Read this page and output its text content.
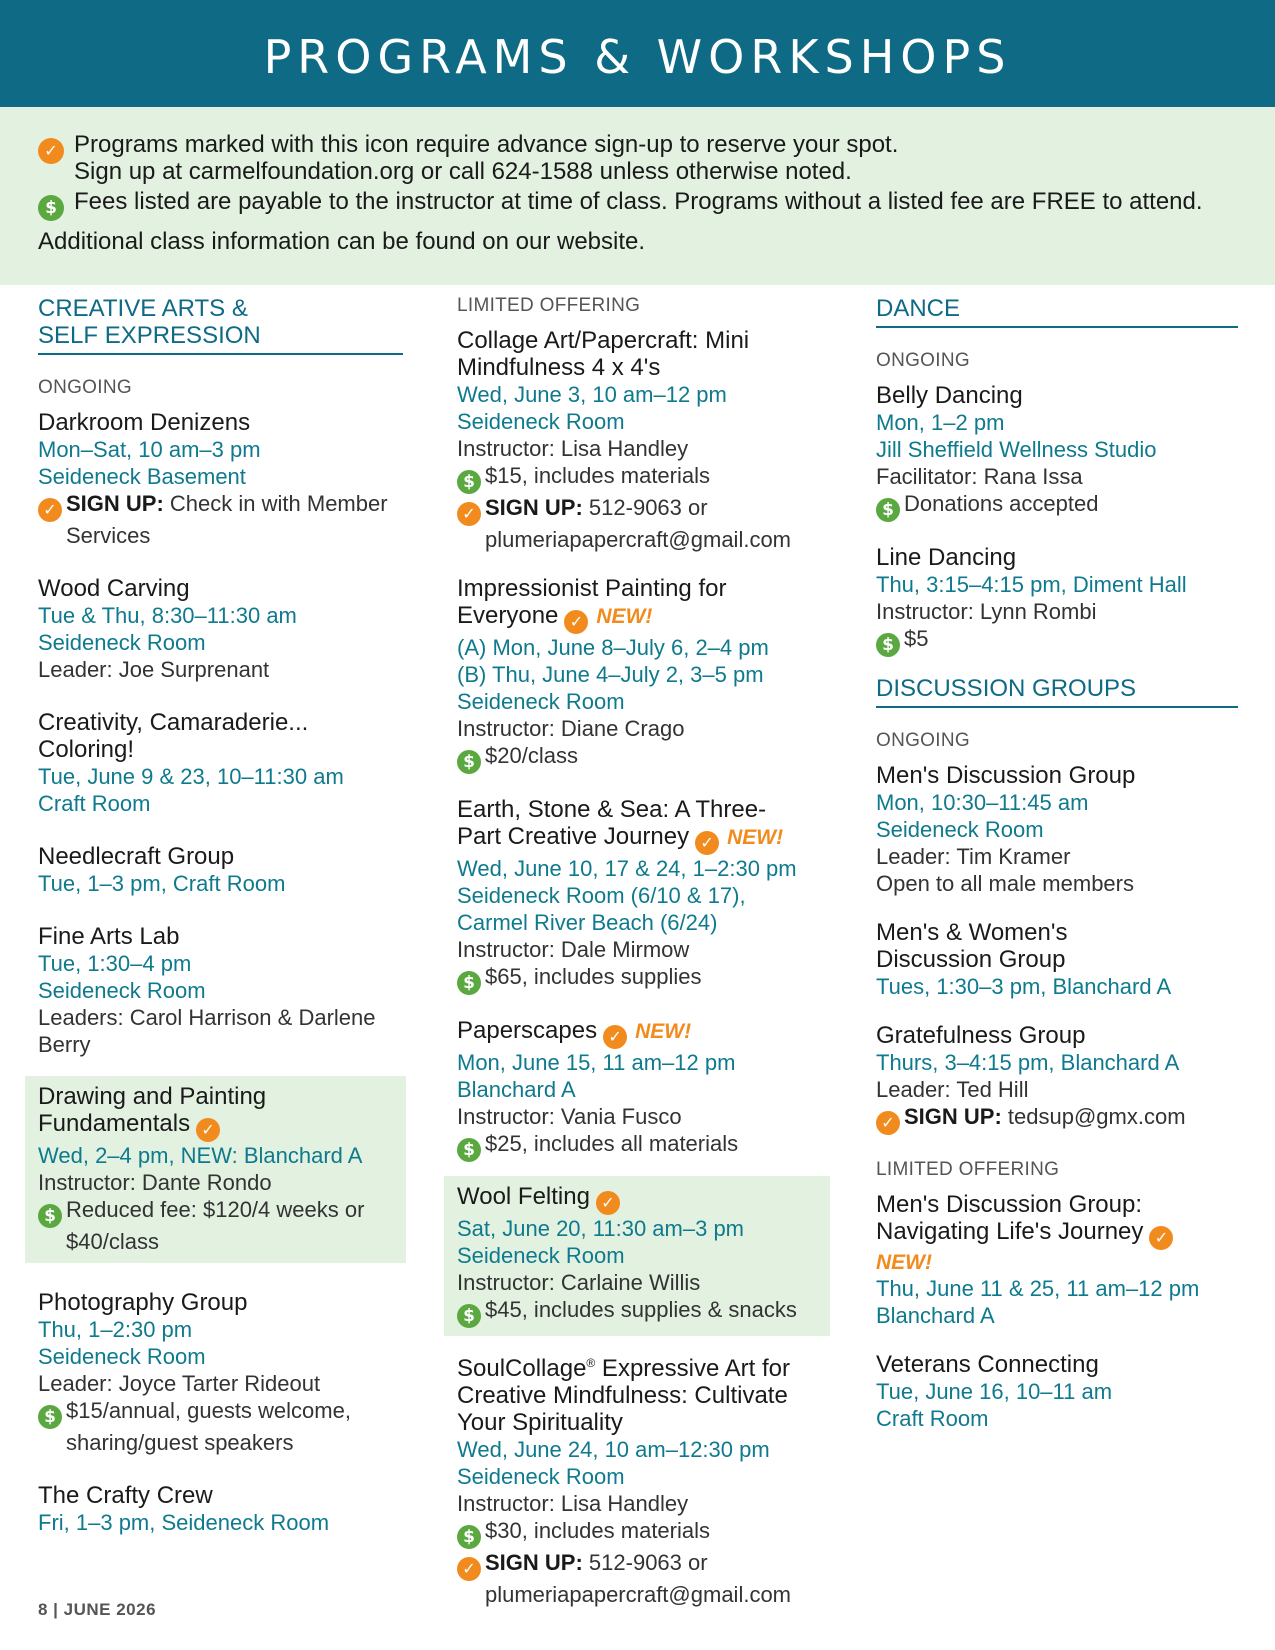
PROGRAMS & WORKSHOPS
✓ Programs marked with this icon require advance sign-up to reserve your spot.
Sign up at carmelfoundation.org or call 624-1588 unless otherwise noted.
$ Fees listed are payable to the instructor at time of class. Programs without a listed fee are FREE to attend.
Additional class information can be found on our website.
CREATIVE ARTS &
SELF EXPRESSION
ONGOING
Darkroom Denizens
Mon–Sat, 10 am–3 pm
Seideneck Basement
✓ SIGN UP: Check in with Member Services
Wood Carving
Tue & Thu, 8:30–11:30 am
Seideneck Room
Leader: Joe Surprenant
Creativity, Camaraderie... Coloring!
Tue, June 9 & 23, 10–11:30 am
Craft Room
Needlecraft Group
Tue, 1–3 pm, Craft Room
Fine Arts Lab
Tue, 1:30–4 pm
Seideneck Room
Leaders: Carol Harrison & Darlene Berry
Drawing and Painting Fundamentals ✓
Wed, 2–4 pm, NEW: Blanchard A
Instructor: Dante Rondo
$ Reduced fee: $120/4 weeks or $40/class
Photography Group
Thu, 1–2:30 pm
Seideneck Room
Leader: Joyce Tarter Rideout
$ $15/annual, guests welcome, sharing/guest speakers
The Crafty Crew
Fri, 1–3 pm, Seideneck Room
LIMITED OFFERING
Collage Art/Papercraft: Mini Mindfulness 4 x 4's
Wed, June 3, 10 am–12 pm
Seideneck Room
Instructor: Lisa Handley
$ $15, includes materials
✓ SIGN UP: 512-9063 or plumeriapapercraft@gmail.com
Impressionist Painting for Everyone ✓ NEW!
(A) Mon, June 8–July 6, 2–4 pm
(B) Thu, June 4–July 2, 3–5 pm
Seideneck Room
Instructor: Diane Crago
$ $20/class
Earth, Stone & Sea: A Three-Part Creative Journey ✓ NEW!
Wed, June 10, 17 & 24, 1–2:30 pm
Seideneck Room (6/10 & 17),
Carmel River Beach (6/24)
Instructor: Dale Mirmow
$ $65, includes supplies
Paperscapes ✓ NEW!
Mon, June 15, 11 am–12 pm
Blanchard A
Instructor: Vania Fusco
$ $25, includes all materials
Wool Felting ✓
Sat, June 20, 11:30 am–3 pm
Seideneck Room
Instructor: Carlaine Willis
$ $45, includes supplies & snacks
SoulCollage® Expressive Art for Creative Mindfulness: Cultivate Your Spirituality
Wed, June 24, 10 am–12:30 pm
Seideneck Room
Instructor: Lisa Handley
$ $30, includes materials
✓ SIGN UP: 512-9063 or plumeriapapercraft@gmail.com
DANCE
ONGOING
Belly Dancing
Mon, 1–2 pm
Jill Sheffield Wellness Studio
Facilitator: Rana Issa
$ Donations accepted
Line Dancing
Thu, 3:15–4:15 pm, Diment Hall
Instructor: Lynn Rombi
$ $5
DISCUSSION GROUPS
ONGOING
Men's Discussion Group
Mon, 10:30–11:45 am
Seideneck Room
Leader: Tim Kramer
Open to all male members
Men's & Women's Discussion Group
Tues, 1:30–3 pm, Blanchard A
Gratefulness Group
Thurs, 3–4:15 pm, Blanchard A
Leader: Ted Hill
✓ SIGN UP: tedsup@gmx.com
LIMITED OFFERING
Men's Discussion Group: Navigating Life's Journey ✓
NEW!
Thu, June 11 & 25, 11 am–12 pm
Blanchard A
Veterans Connecting
Tue, June 16, 10–11 am
Craft Room
8 | JUNE 2026
